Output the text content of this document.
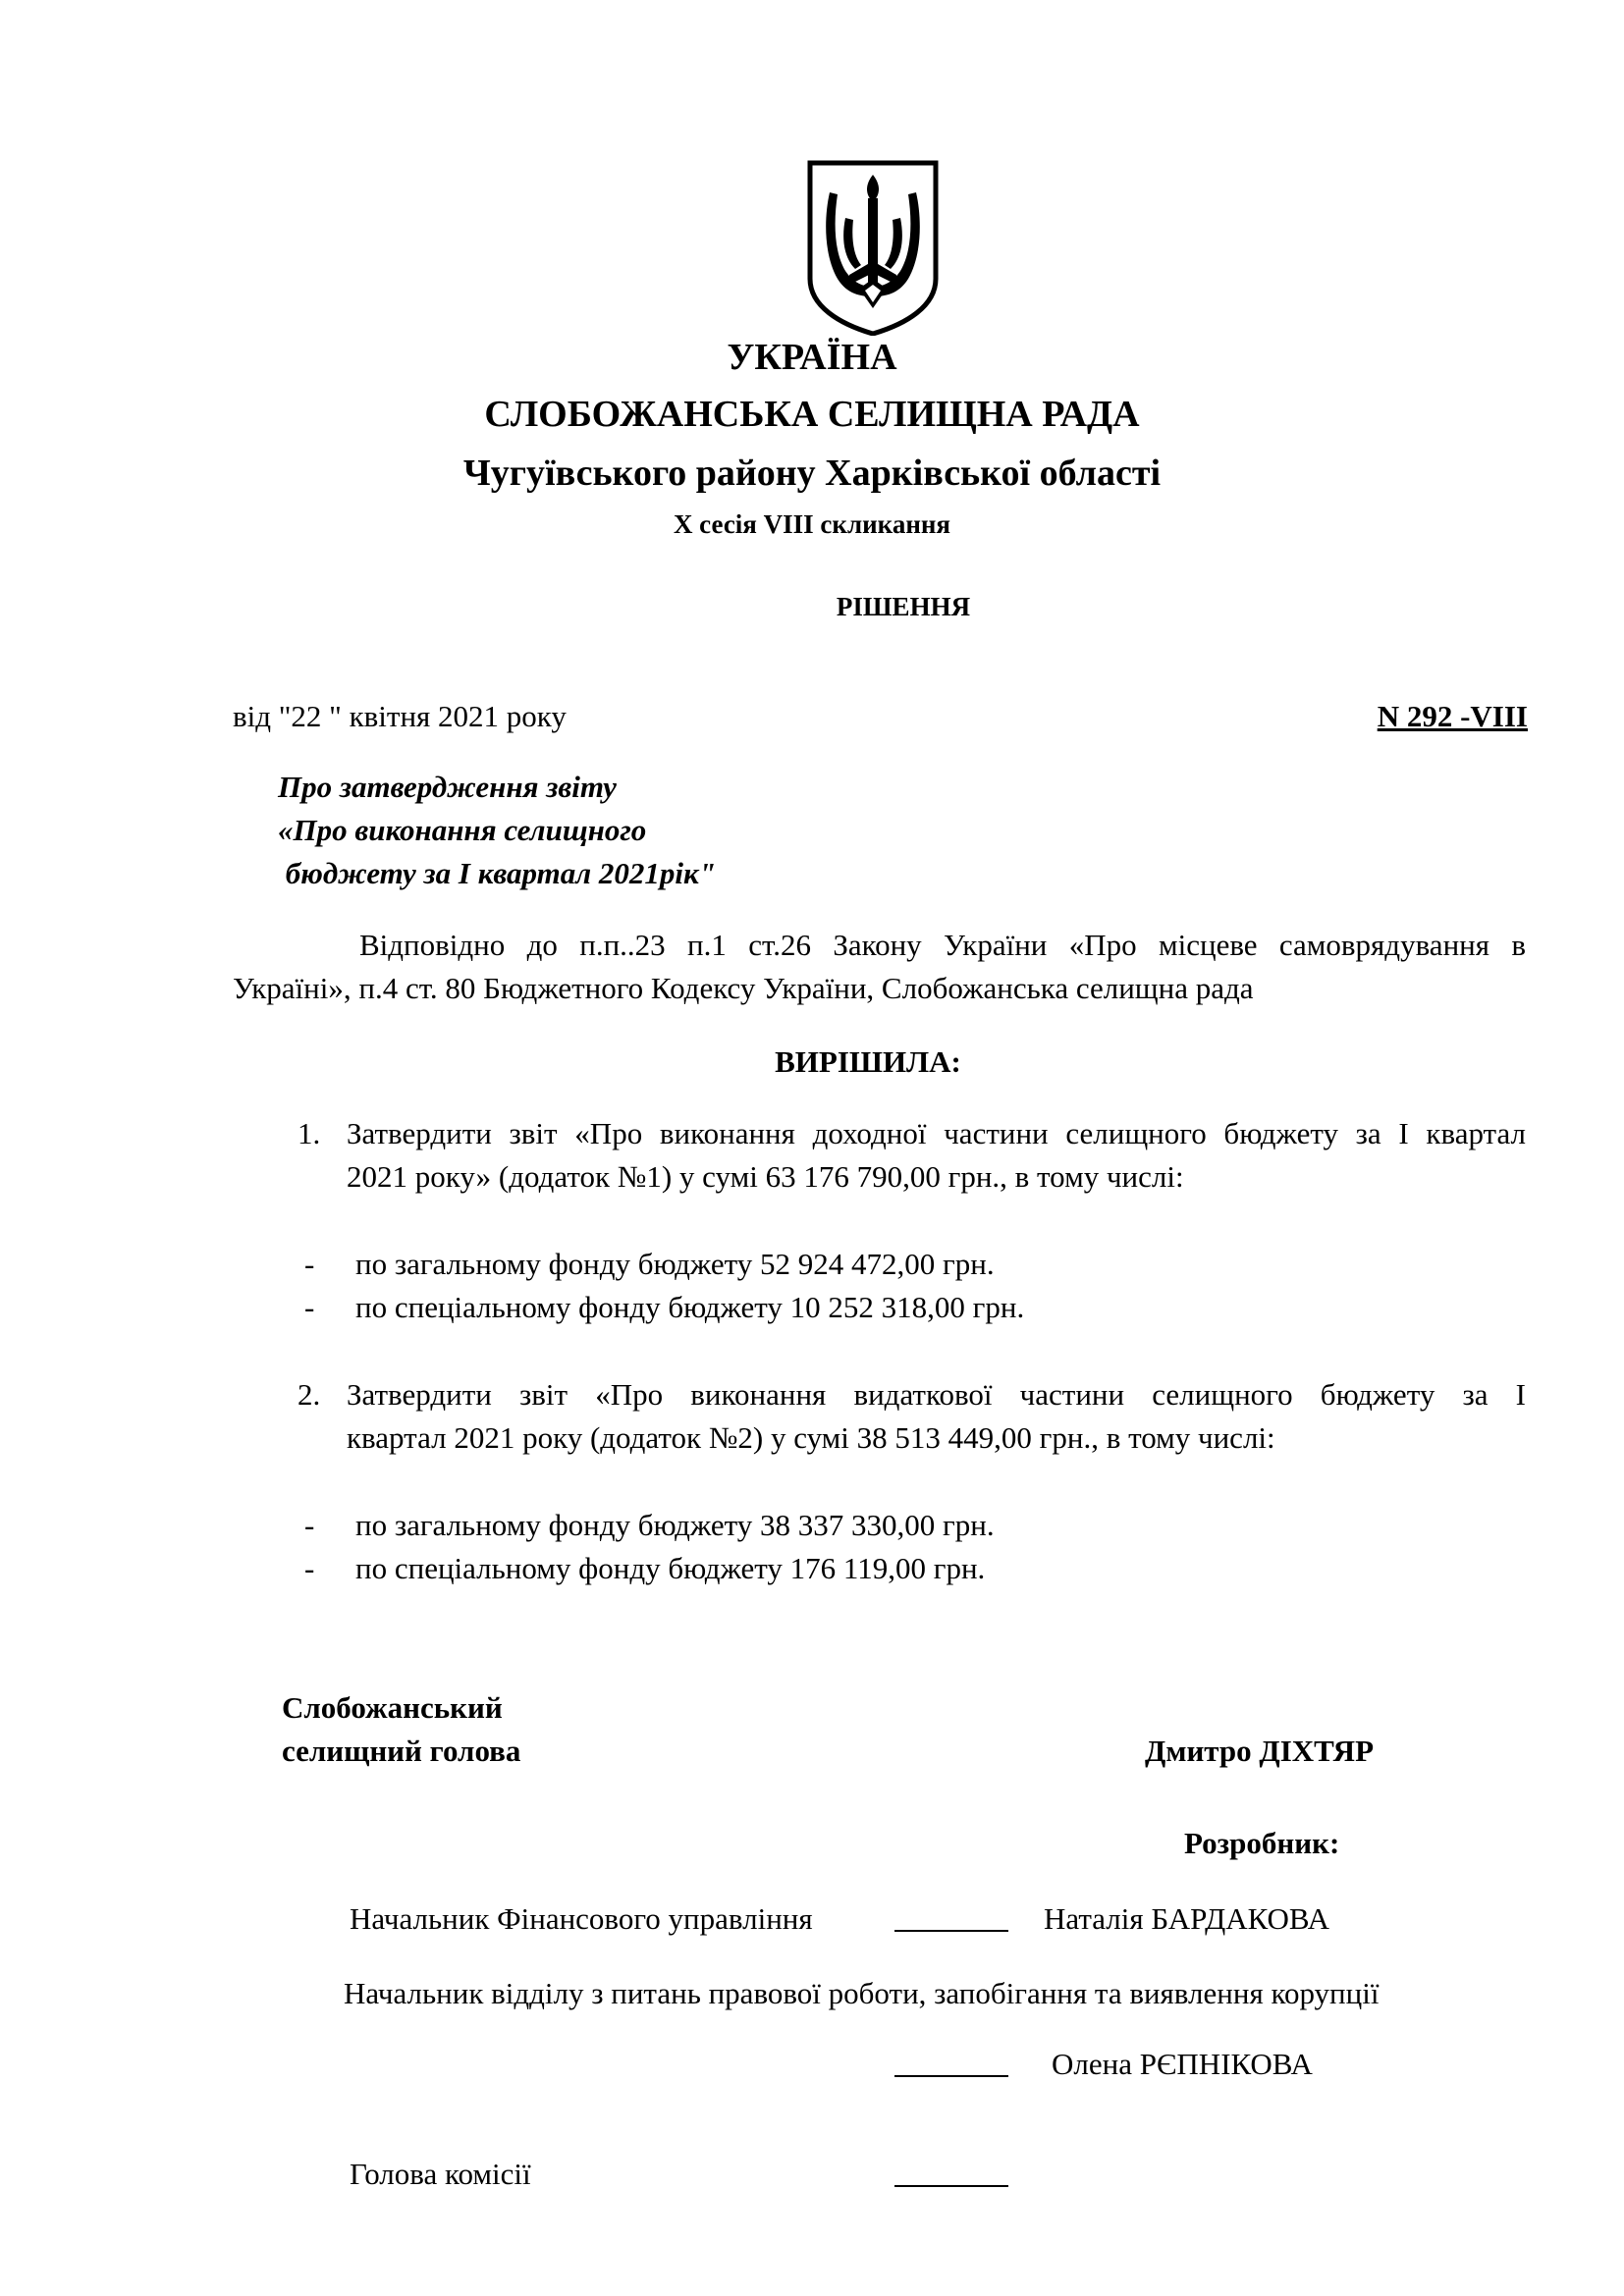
УКРАЇНА
СЛОБОЖАНСЬКА СЕЛИЩНА РАДА
Чугуївського району Харківської області
Х сесія VIII скликання
РІШЕННЯ
від "22 " квітня 2021 року	N 292 -VIII
Про затвердження звіту
«Про виконання селищного
бюджету за І квартал 2021рік"
Відповідно до п.п..23 п.1 ст.26 Закону України «Про місцеве самоврядування в
Україні», п.4 ст. 80 Бюджетного Кодексу України, Слобожанська селищна рада
ВИРІШИЛА:
1. Затвердити звіт «Про виконання доходної частини селищного бюджету за І квартал
2021 року» (додаток №1) у сумі 63 176 790,00 грн., в тому числі:
- по загальному фонду бюджету 52 924 472,00 грн.
- по спеціальному фонду бюджету 10 252 318,00 грн.
2. Затвердити звіт «Про виконання видаткової частини селищного бюджету за І
квартал 2021 року (додаток №2) у сумі 38 513 449,00 грн., в тому числі:
- по загальному фонду бюджету 38 337 330,00 грн.
- по спеціальному фонду бюджету 176 119,00 грн.
Слобожанський
селищний голова	Дмитро ДІХТЯР
Розробник:
Начальник Фінансового управління	Наталія БАРДАКОВА
Начальник відділу з питань правової роботи, запобігання та виявлення корупції
Олена РЄПНІКОВА
Голова комісії
